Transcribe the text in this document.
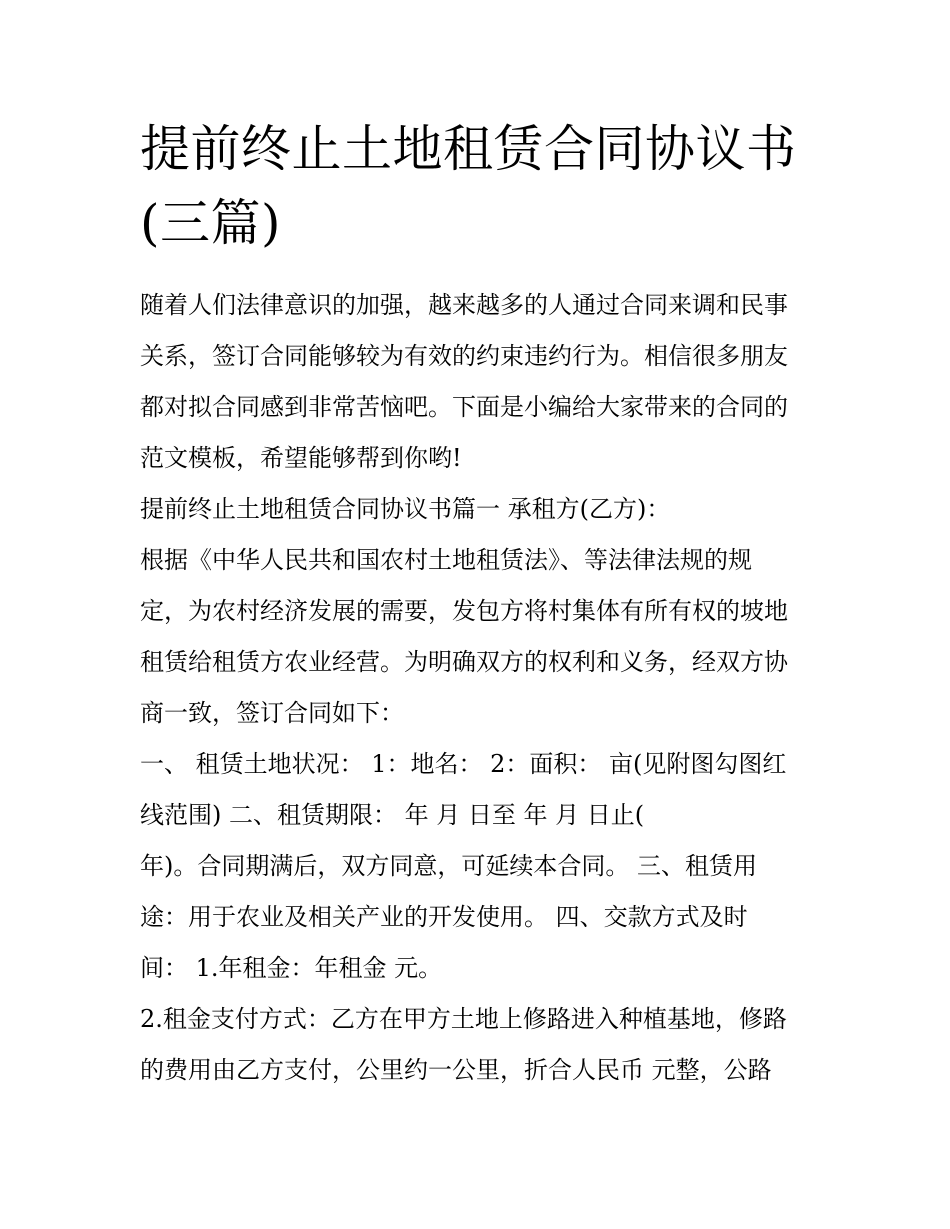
提前终止土地租赁合同协议书
(三篇)
随着人们法律意识的加强，越来越多的人通过合同来调和民事
关系，签订合同能够较为有效的约束违约行为。相信很多朋友
都对拟合同感到非常苦恼吧。下面是小编给大家带来的合同的
范文模板，希望能够帮到你哟!
提前终止土地租赁合同协议书篇一 承租方(乙方)：
根据《中华人民共和国农村土地租赁法》、等法律法规的规
定，为农村经济发展的需要，发包方将村集体有所有权的坡地
租赁给租赁方农业经营。为明确双方的权利和义务，经双方协
商一致，签订合同如下：
一、 租赁土地状况： 1：地名： 2：面积： 亩(见附图勾图红
线范围) 二、租赁期限： 年 月 日至 年 月 日止(
年)。合同期满后，双方同意，可延续本合同。 三、租赁用
途：用于农业及相关产业的开发使用。 四、交款方式及时
间： 1.年租金：年租金 元。
2.租金支付方式：乙方在甲方土地上修路进入种植基地，修路
的费用由乙方支付，公里约一公里，折合人民币 元整，公路
